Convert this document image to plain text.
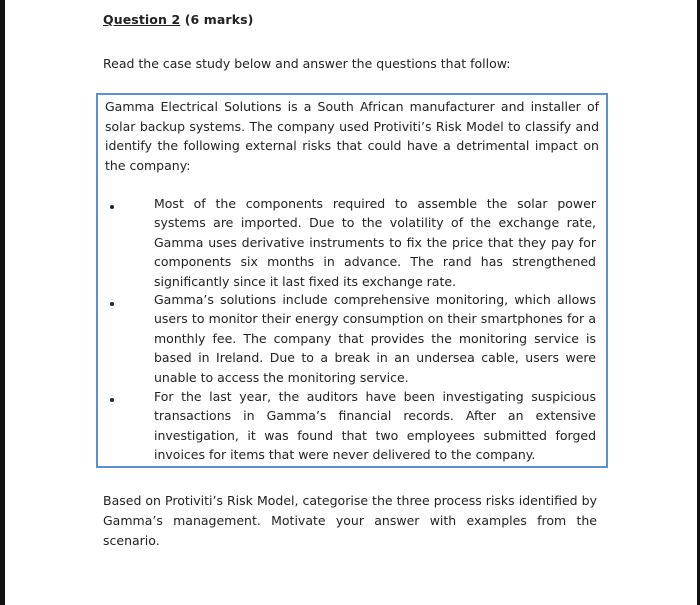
Question 2 (6 marks)
Read the case study below and answer the questions that follow:
Gamma Electrical Solutions is a South African manufacturer and installer of solar backup systems. The company used Protiviti’s Risk Model to classify and identify the following external risks that could have a detrimental impact on the company:
Most of the components required to assemble the solar power systems are imported. Due to the volatility of the exchange rate, Gamma uses derivative instruments to fix the price that they pay for components six months in advance. The rand has strengthened significantly since it last fixed its exchange rate.
Gamma’s solutions include comprehensive monitoring, which allows users to monitor their energy consumption on their smartphones for a monthly fee. The company that provides the monitoring service is based in Ireland. Due to a break in an undersea cable, users were unable to access the monitoring service.
For the last year, the auditors have been investigating suspicious transactions in Gamma’s financial records. After an extensive investigation, it was found that two employees submitted forged invoices for items that were never delivered to the company.
Based on Protiviti’s Risk Model, categorise the three process risks identified by Gamma’s management. Motivate your answer with examples from the scenario.
